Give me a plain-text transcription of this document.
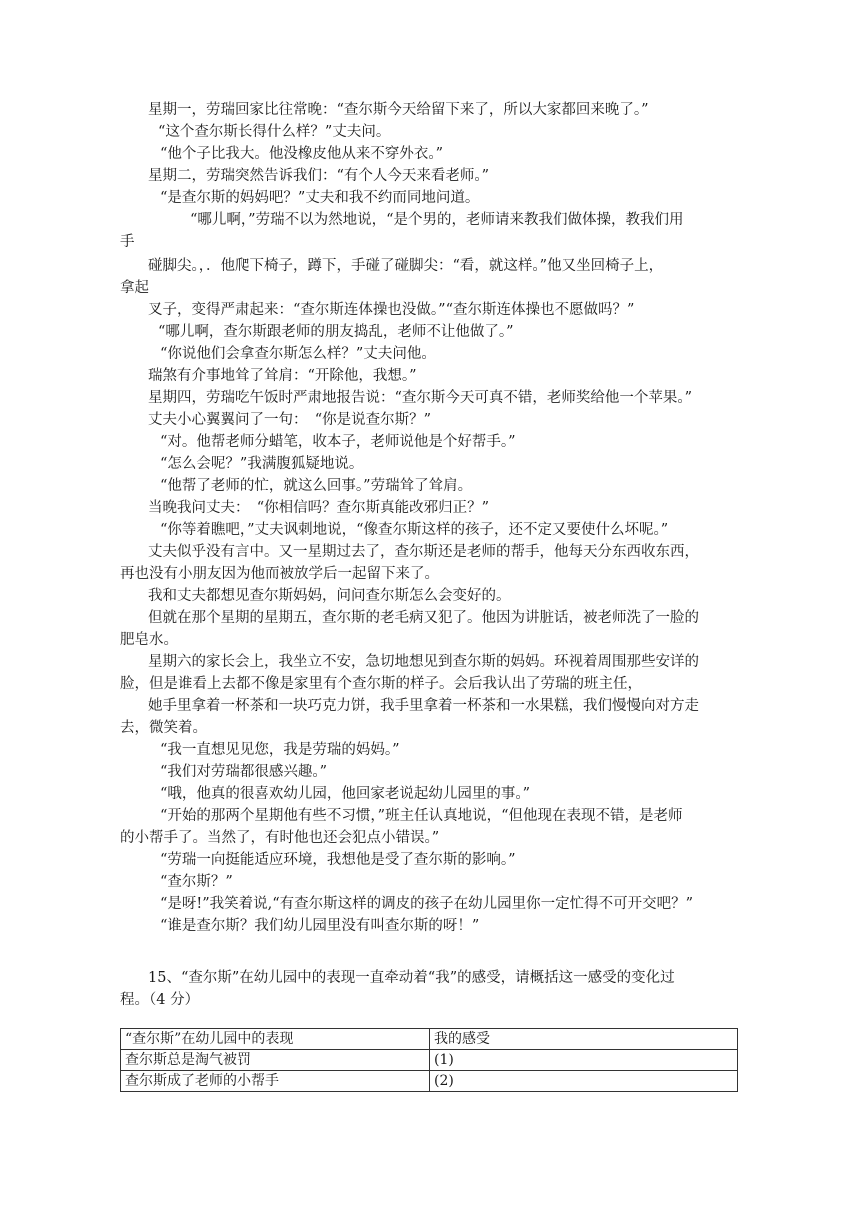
星期一，劳瑞回家比往常晚：“查尔斯今天给留下来了，所以大家都回来晚了。”
“这个查尔斯长得什么样？”丈夫问。
“他个子比我大。他没橡皮他从来不穿外衣。”
星期二，劳瑞突然告诉我们：“有个人今天来看老师。”
“是查尔斯的妈妈吧？”丈夫和我不约而同地问道。
“哪儿啊，”劳瑞不以为然地说，“是个男的，老师请来教我们做体操，教我们用
手
碰脚尖。，．他爬下椅子，蹲下，手碰了碰脚尖：“看，就这样。”他又坐回椅子上，
拿起
叉子，变得严肃起来：“查尔斯连体操也没做。”“查尔斯连体操也不愿做吗？”
“哪儿啊，查尔斯跟老师的朋友捣乱，老师不让他做了。”
“你说他们会拿查尔斯怎么样？”丈夫问他。
瑞煞有介事地耸了耸肩：“开除他，我想。”
星期四，劳瑞吃午饭时严肃地报告说：“查尔斯今天可真不错，老师奖给他一个苹果。”
丈夫小心翼翼问了一句：　“你是说查尔斯？”
“对。他帮老师分蜡笔，收本子，老师说他是个好帮手。”
“怎么会呢？”我满腹狐疑地说。
“他帮了老师的忙，就这么回事。”劳瑞耸了耸肩。
当晚我问丈夫：　“你相信吗？查尔斯真能改邪归正？”
“你等着瞧吧，”丈夫讽刺地说，“像查尔斯这样的孩子，还不定又要使什么坏呢。”
丈夫似乎没有言中。又一星期过去了，查尔斯还是老师的帮手，他每天分东西收东西，
再也没有小朋友因为他而被放学后一起留下来了。
我和丈夫都想见查尔斯妈妈，问问查尔斯怎么会变好的。
但就在那个星期的星期五，查尔斯的老毛病又犯了。他因为讲脏话，被老师洗了一脸的
肥皂水。
星期六的家长会上，我坐立不安，急切地想见到查尔斯的妈妈。环视着周围那些安详的
脸，但是谁看上去都不像是家里有个查尔斯的样子。会后我认出了劳瑞的班主任，
她手里拿着一杯茶和一块巧克力饼，我手里拿着一杯茶和一水果糕，我们慢慢向对方走
去，微笑着。
“我一直想见见您，我是劳瑞的妈妈。”
“我们对劳瑞都很感兴趣。”
“哦，他真的很喜欢幼儿园，他回家老说起幼儿园里的事。”
“开始的那两个星期他有些不习惯，”班主任认真地说，“但他现在表现不错，是老师
的小帮手了。当然了，有时他也还会犯点小错误。”
“劳瑞一向挺能适应环境，我想他是受了查尔斯的影响。”
“查尔斯？”
“是呀!”我笑着说,“有查尔斯这样的调皮的孩子在幼儿园里你一定忙得不可开交吧？”
“谁是查尔斯？我们幼儿园里没有叫查尔斯的呀！”
15、“查尔斯”在幼儿园中的表现一直牵动着“我”的感受，请概括这一感受的变化过
程。（4 分）
“查尔斯”在幼儿园中的表现	我的感受
查尔斯总是淘气被罚	(1)
查尔斯成了老师的小帮手	(2)
